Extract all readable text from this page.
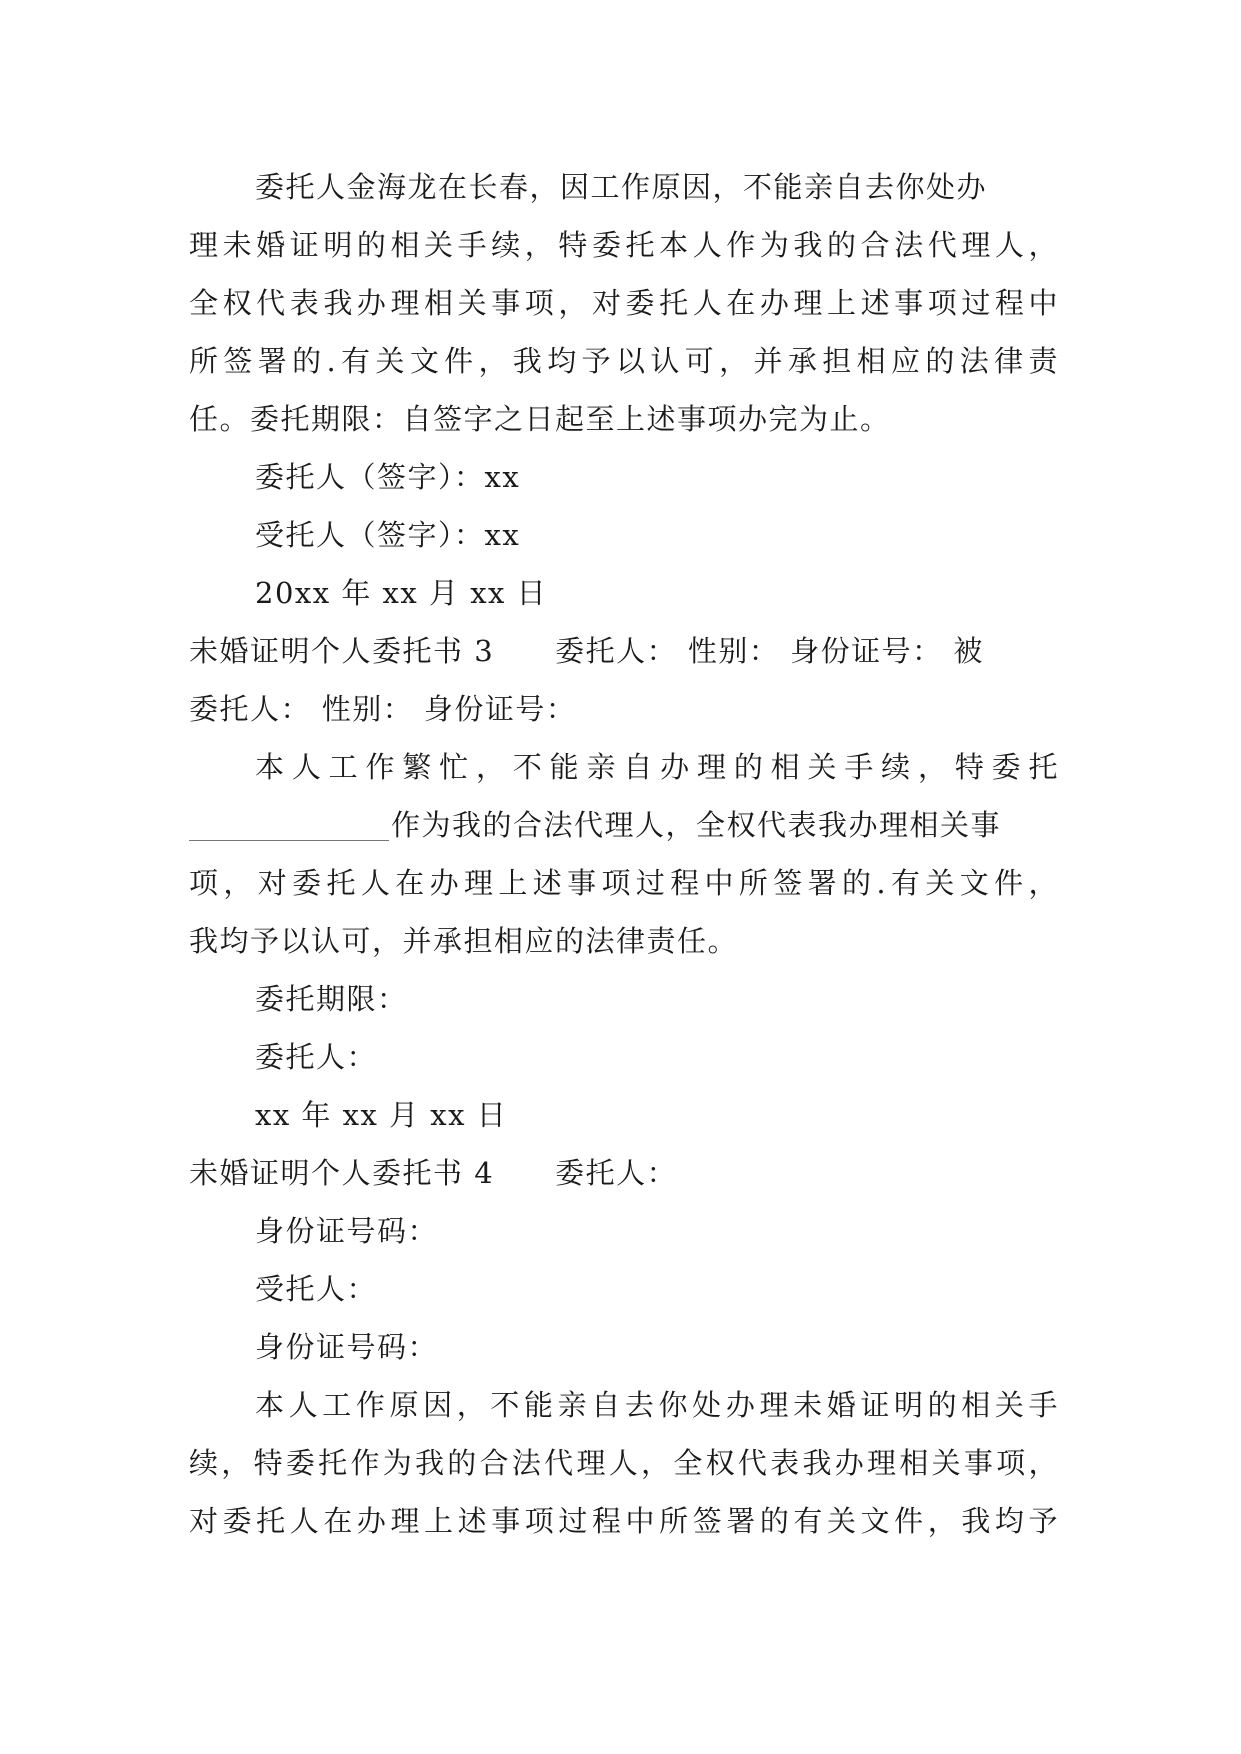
委托人金海龙在长春，因工作原因，不能亲自去你处办
理未婚证明的相关手续，特委托本人作为我的合法代理人，
全权代表我办理相关事项，对委托人在办理上述事项过程中
所签署的.有关文件，我均予以认可，并承担相应的法律责
任。委托期限：自签字之日起至上述事项办完为止。
委托人（签字）：xx
受托人（签字）：xx
20xx 年 xx 月 xx 日
未婚证明个人委托书 3　　委托人： 性别： 身份证号： 被
委托人： 性别： 身份证号：
本人工作繁忙，不能亲自办理的相关手续，特委托
作为我的合法代理人，全权代表我办理相关事
项，对委托人在办理上述事项过程中所签署的.有关文件，
我均予以认可，并承担相应的法律责任。
委托期限：
委托人：
xx 年 xx 月 xx 日
未婚证明个人委托书 4　　委托人：
身份证号码：
受托人：
身份证号码：
本人工作原因，不能亲自去你处办理未婚证明的相关手
续，特委托作为我的合法代理人，全权代表我办理相关事项，
对委托人在办理上述事项过程中所签署的有关文件，我均予
